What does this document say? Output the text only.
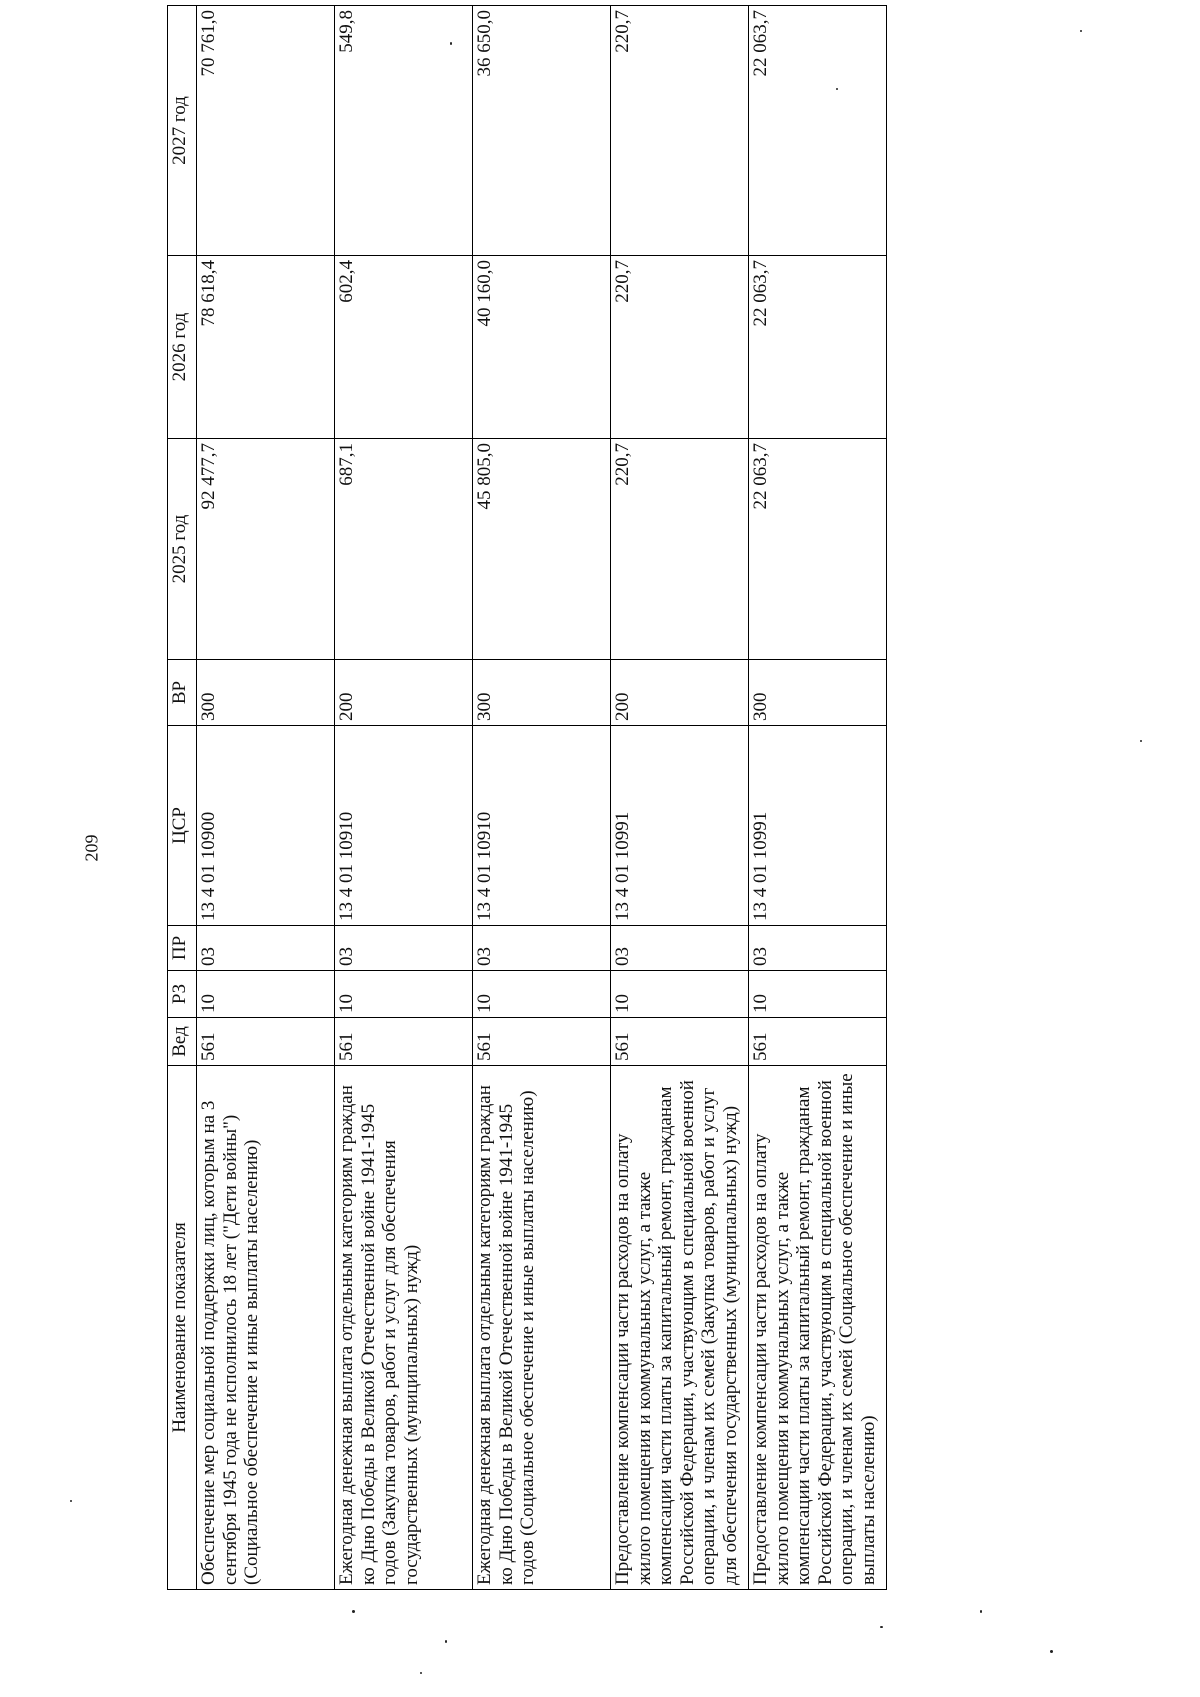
209
Наименование показателя	Вед	РЗ	ПР	ЦСР	ВР	2025 год	2026 год	2027 год
Обеспечение мер социальной поддержки лиц, которым на 3 сентября 1945 года не исполнилось 18 лет ("Дети войны") (Социальное обеспечение и иные выплаты населению)	561	10	03	13 4 01 10900	300	92 477,7	78 618,4	70 761,0
Ежегодная денежная выплата отдельным категориям граждан ко Дню Победы в Великой Отечественной войне 1941-1945 годов (Закупка товаров, работ и услуг для обеспечения государственных (муниципальных) нужд)	561	10	03	13 4 01 10910	200	687,1	602,4	549,8
Ежегодная денежная выплата отдельным категориям граждан ко Дню Победы в Великой Отечественной войне 1941-1945 годов (Социальное обеспечение и иные выплаты населению)	561	10	03	13 4 01 10910	300	45 805,0	40 160,0	36 650,0
Предоставление компенсации части расходов на оплату жилого помещения и коммунальных услуг, а также компенсации части платы за капитальный ремонт, гражданам Российской Федерации, участвующим в специальной военной операции, и членам их семей (Закупка товаров, работ и услуг для обеспечения государственных (муниципальных) нужд)	561	10	03	13 4 01 10991	200	220,7	220,7	220,7
Предоставление компенсации части расходов на оплату жилого помещения и коммунальных услуг, а также компенсации части платы за капитальный ремонт, гражданам Российской Федерации, участвующим в специальной военной операции, и членам их семей (Социальное обеспечение и иные выплаты населению)	561	10	03	13 4 01 10991	300	22 063,7	22 063,7	22 063,7
